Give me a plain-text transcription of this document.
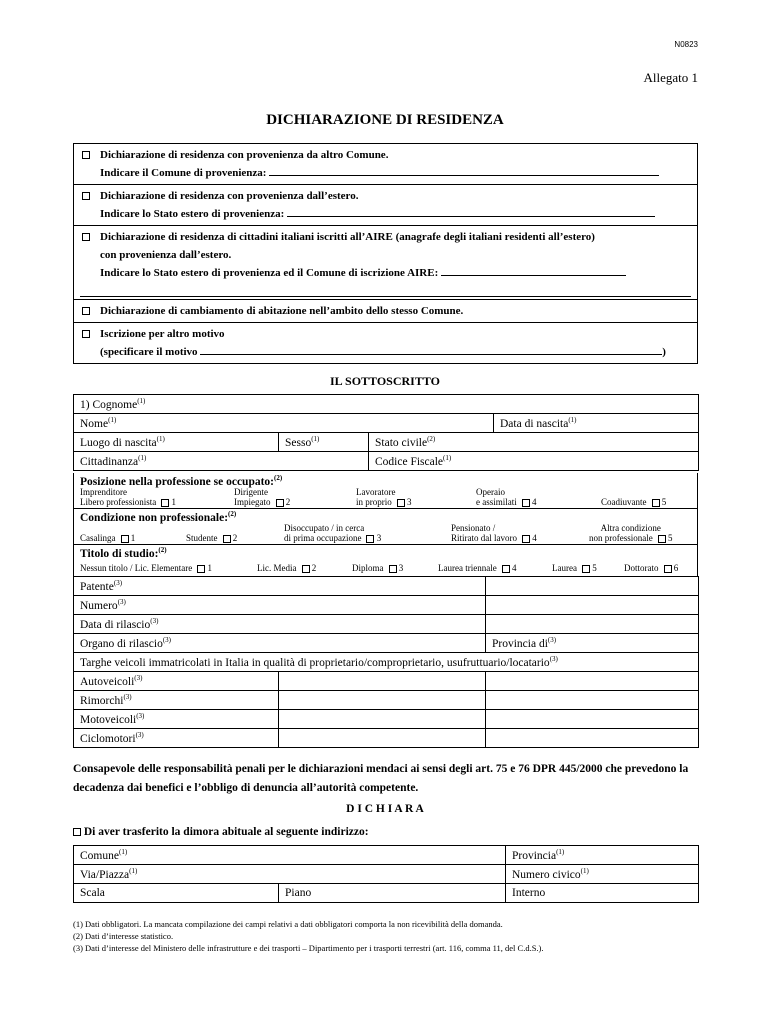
N0823
Allegato 1
DICHIARAZIONE DI RESIDENZA
Dichiarazione di residenza con provenienza da altro Comune.
Indicare il Comune di provenienza:
Dichiarazione di residenza con provenienza dall’estero.
Indicare lo Stato estero di provenienza:
Dichiarazione di residenza di cittadini italiani iscritti all’AIRE (anagrafe degli italiani residenti all’estero)
con provenienza dall’estero.
Indicare lo Stato estero di provenienza ed il Comune di iscrizione AIRE:
Dichiarazione di cambiamento di abitazione nell’ambito dello stesso Comune.
Iscrizione per altro motivo
(specificare il motivo	)
IL SOTTOSCRITTO
1) Cognome$^{(1)}$
Nome$^{(1)}$			Data di nascita$^{(1)}$
Luogo di nascita$^{(1)}$	Sesso$^{(1)}$	Stato civile$^{(2)}$
Cittadinanza$^{(1)}$		Codice Fiscale$^{(1)}$
Posizione nella professione se occupato:$^{(2)}$
Imprenditore
Libero professionista 1
Dirigente
Impiegato 2
Lavoratore
in proprio 3
Operaio
e assimilati 4	Coadiuvante 5
Condizione non professionale:$^{(2)}$
Casalinga 1	Studente 2
Disoccupato / in cerca
di prima occupazione 3
Pensionato /
Ritirato dal lavoro 4
Altra condizione
non professionale 5
Titolo di studio:$^{(2)}$
Nessun titolo / Lic. Elementare 1	Lic. Media 2	Diploma 3	Laurea triennale 4	Laurea 5	Dottorato 6
Patente$^{(3)}$	
Numero$^{(3)}$	
Data di rilascio$^{(3)}$	
Organo di rilascio$^{(3)}$		Provincia $di^{(3)}$
Targhe veicoli immatricolati in Italia in qualità di proprietario/comproprietario, usufruttuario/locatario$^{(3)}$
Autoveicoli$^{(3)}$		
Rimorchi$^{(3)}$		
Motoveicoli$^{(3)}$		
Ciclomotori$^{(3)}$		
Consapevole delle responsabilità penali per le dichiarazioni mendaci ai sensi degli art. 75 e 76 DPR 445/2000 che prevedono la decadenza dai benefici e l’obbligo di denuncia all’autorità competente.
D I C H I A R A
Di aver trasferito la dimora abituale al seguente indirizzo:
Comune$^{(1)}$		Provincia$^{(1)}$
Via/Piazza$^{(1)}$		Numero civico$^{(1)}$
Scala	Piano	Interno
(1) Dati obbligatori. La mancata compilazione dei campi relativi a dati obbligatori comporta la non ricevibilità della domanda.
(2) Dati d’interesse statistico.
(3) Dati d’interesse del Ministero delle infrastrutture e dei trasporti – Dipartimento per i trasporti terrestri (art. 116, comma 11, del C.d.S.).
